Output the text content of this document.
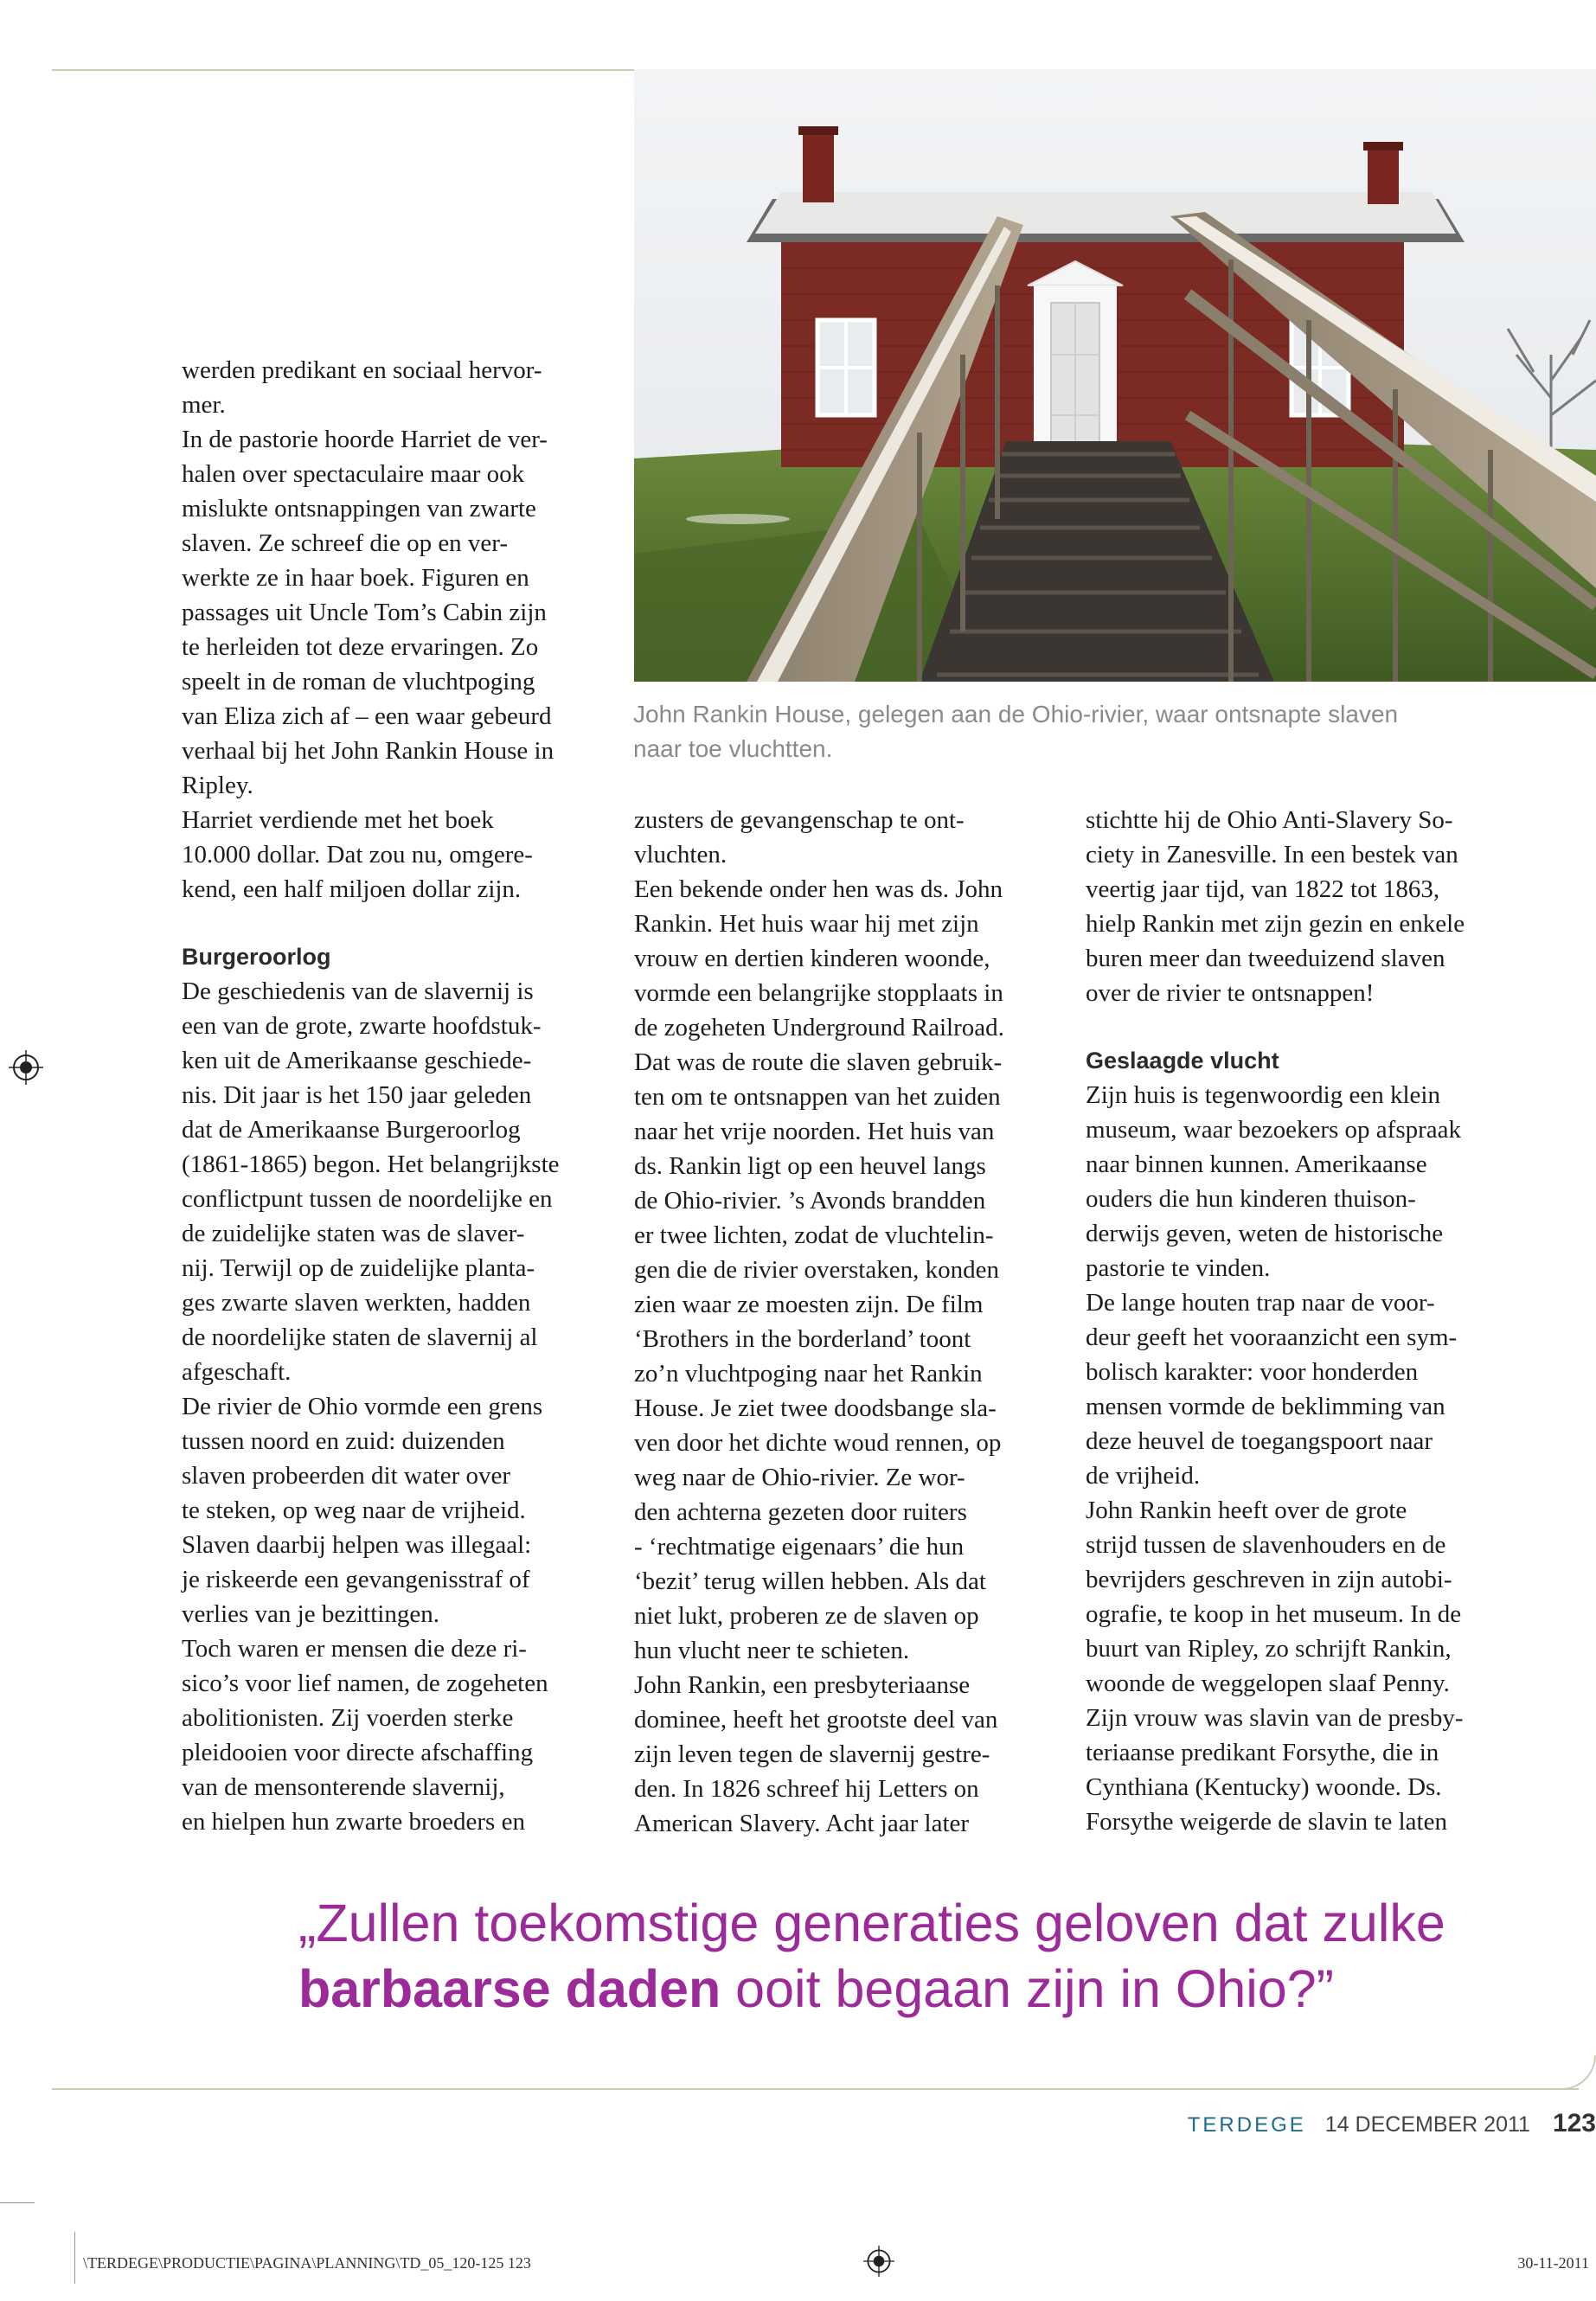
John Rankin House, gelegen aan de Ohio-rivier, waar ontsnapte slaven
naar toe vluchtten.

werden predikant en sociaal hervor-
mer.

In de pastorie hoorde Harriet de ver-
halen over spectaculaire maar ook
mislukte ontsnappingen van zwarte
slaven. Ze schreef die op en ver-
werkte ze in haar boek. Figuren en
passages uit Uncle Tom’s Cabin zijn
te herleiden tot deze ervaringen. Zo
speelt in de roman de vluchtpoging
van Eliza zich af – een waar gebeurd
verhaal bij het John Rankin House in
Ripley.

Harriet verdiende met het boek
10.000 dollar. Dat zou nu, omgere-
kend, een half miljoen dollar zijn.

Burgeroorlog

De geschiedenis van de slavernij is
een van de grote, zwarte hoofdstuk-
ken uit de Amerikaanse geschiede-
nis. Dit jaar is het 150 jaar geleden
dat de Amerikaanse Burgeroorlog
(1861-1865) begon. Het belangrijkste
conflictpunt tussen de noordelijke en
de zuidelijke staten was de slaver-
nij. Terwijl op de zuidelijke planta-
ges zwarte slaven werkten, hadden
de noordelijke staten de slavernij al
afgeschaft.

De rivier de Ohio vormde een grens
tussen noord en zuid: duizenden
slaven probeerden dit water over
te steken, op weg naar de vrijheid.
Slaven daarbij helpen was illegaal:
je riskeerde een gevangenisstraf of
verlies van je bezittingen.

Toch waren er mensen die deze ri-
sico’s voor lief namen, de zogeheten
abolitionisten. Zij voerden sterke
pleidooien voor directe afschaffing
van de mensonterende slavernij,
en hielpen hun zwarte broeders en

zusters de gevangenschap te ont-
vluchten.

Een bekende onder hen was ds. John
Rankin. Het huis waar hij met zijn
vrouw en dertien kinderen woonde,
vormde een belangrijke stopplaats in
de zogeheten Underground Railroad.
Dat was de route die slaven gebruik-
ten om te ontsnappen van het zuiden
naar het vrije noorden. Het huis van
ds. Rankin ligt op een heuvel langs
de Ohio-rivier. ’s Avonds brandden
er twee lichten, zodat de vluchtelin-
gen die de rivier overstaken, konden
zien waar ze moesten zijn. De film
‘Brothers in the borderland’ toont
zo’n vluchtpoging naar het Rankin
House. Je ziet twee doodsbange sla-
ven door het dichte woud rennen, op
weg naar de Ohio-rivier. Ze wor-
den achterna gezeten door ruiters
- ‘rechtmatige eigenaars’ die hun
‘bezit’ terug willen hebben. Als dat
niet lukt, proberen ze de slaven op
hun vlucht neer te schieten.

John Rankin, een presbyteriaanse
dominee, heeft het grootste deel van
zijn leven tegen de slavernij gestre-
den. In 1826 schreef hij Letters on
American Slavery. Acht jaar later

stichtte hij de Ohio Anti-Slavery So-
ciety in Zanesville. In een bestek van
veertig jaar tijd, van 1822 tot 1863,
hielp Rankin met zijn gezin en enkele
buren meer dan tweeduizend slaven
over de rivier te ontsnappen!

Geslaagde vlucht

Zijn huis is tegenwoordig een klein
museum, waar bezoekers op afspraak
naar binnen kunnen. Amerikaanse
ouders die hun kinderen thuison-
derwijs geven, weten de historische
pastorie te vinden.

De lange houten trap naar de voor-
deur geeft het vooraanzicht een sym-
bolisch karakter: voor honderden
mensen vormde de beklimming van
deze heuvel de toegangspoort naar
de vrijheid.

John Rankin heeft over de grote
strijd tussen de slavenhouders en de
bevrijders geschreven in zijn autobi-
ografie, te koop in het museum. In de
buurt van Ripley, zo schrijft Rankin,
woonde de weggelopen slaaf Penny.
Zijn vrouw was slavin van de presby-
teriaanse predikant Forsythe, die in
Cynthiana (Kentucky) woonde. Ds.
Forsythe weigerde de slavin te laten

„Zullen toekomstige generaties geloven dat zulke
barbaarse daden ooit begaan zijn in Ohio?”
TERDEGE 14 DECEMBER 2011 123
\TERDEGE\PRODUCTIE\PAGINA\PLANNING\TD_05_120-125 123	30-11-2011
